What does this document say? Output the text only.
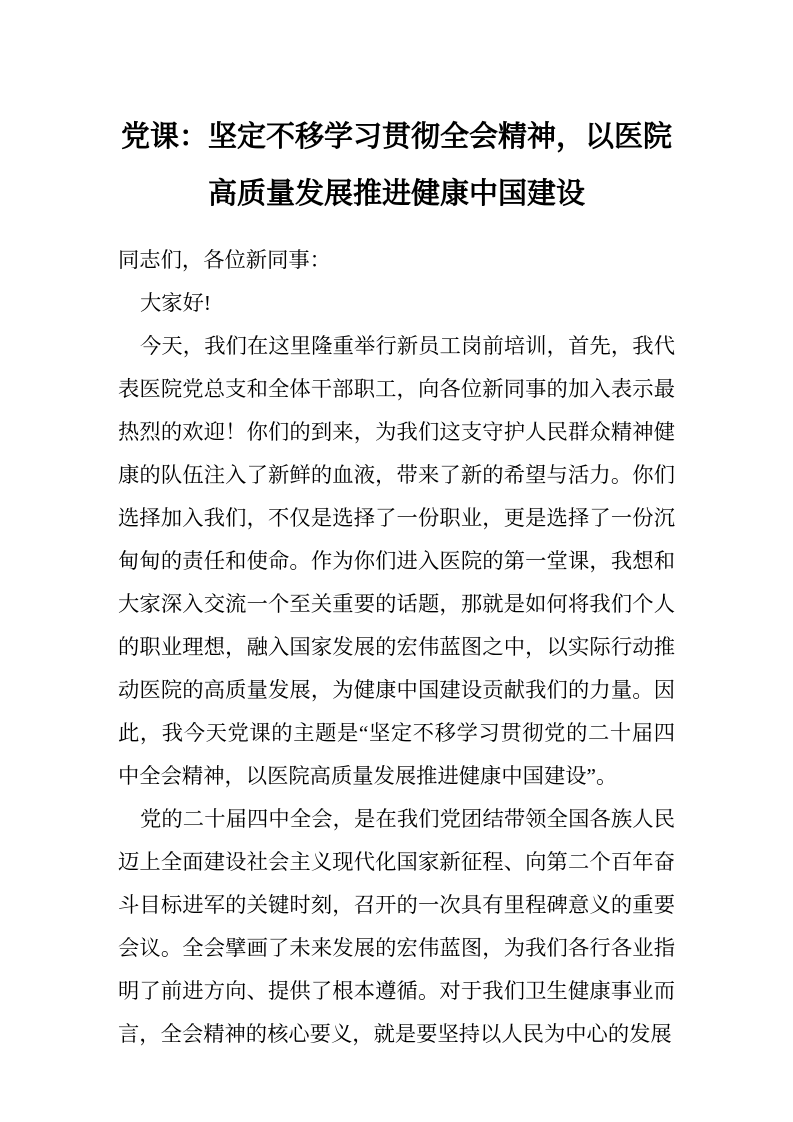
党课：坚定不移学习贯彻全会精神，以医院高质量发展推进健康中国建设

同志们，各位新同事：

大家好!

今天，我们在这里隆重举行新员工岗前培训，首先，我代表医院党总支和全体干部职工，向各位新同事的加入表示最热烈的欢迎！你们的到来，为我们这支守护人民群众精神健康的队伍注入了新鲜的血液，带来了新的希望与活力。你们选择加入我们，不仅是选择了一份职业，更是选择了一份沉甸甸的责任和使命。作为你们进入医院的第一堂课，我想和大家深入交流一个至关重要的话题，那就是如何将我们个人的职业理想，融入国家发展的宏伟蓝图之中，以实际行动推动医院的高质量发展，为健康中国建设贡献我们的力量。因此，我今天党课的主题是“坚定不移学习贯彻党的二十届四中全会精神，以医院高质量发展推进健康中国建设”。

党的二十届四中全会，是在我们党团结带领全国各族人民迈上全面建设社会主义现代化国家新征程、向第二个百年奋斗目标进军的关键时刻，召开的一次具有里程碑意义的重要会议。全会擘画了未来发展的宏伟蓝图，为我们各行各业指明了前进方向、提供了根本遵循。对于我们卫生健康事业而言，全会精神的核心要义，就是要坚持以人民为中心的发展
